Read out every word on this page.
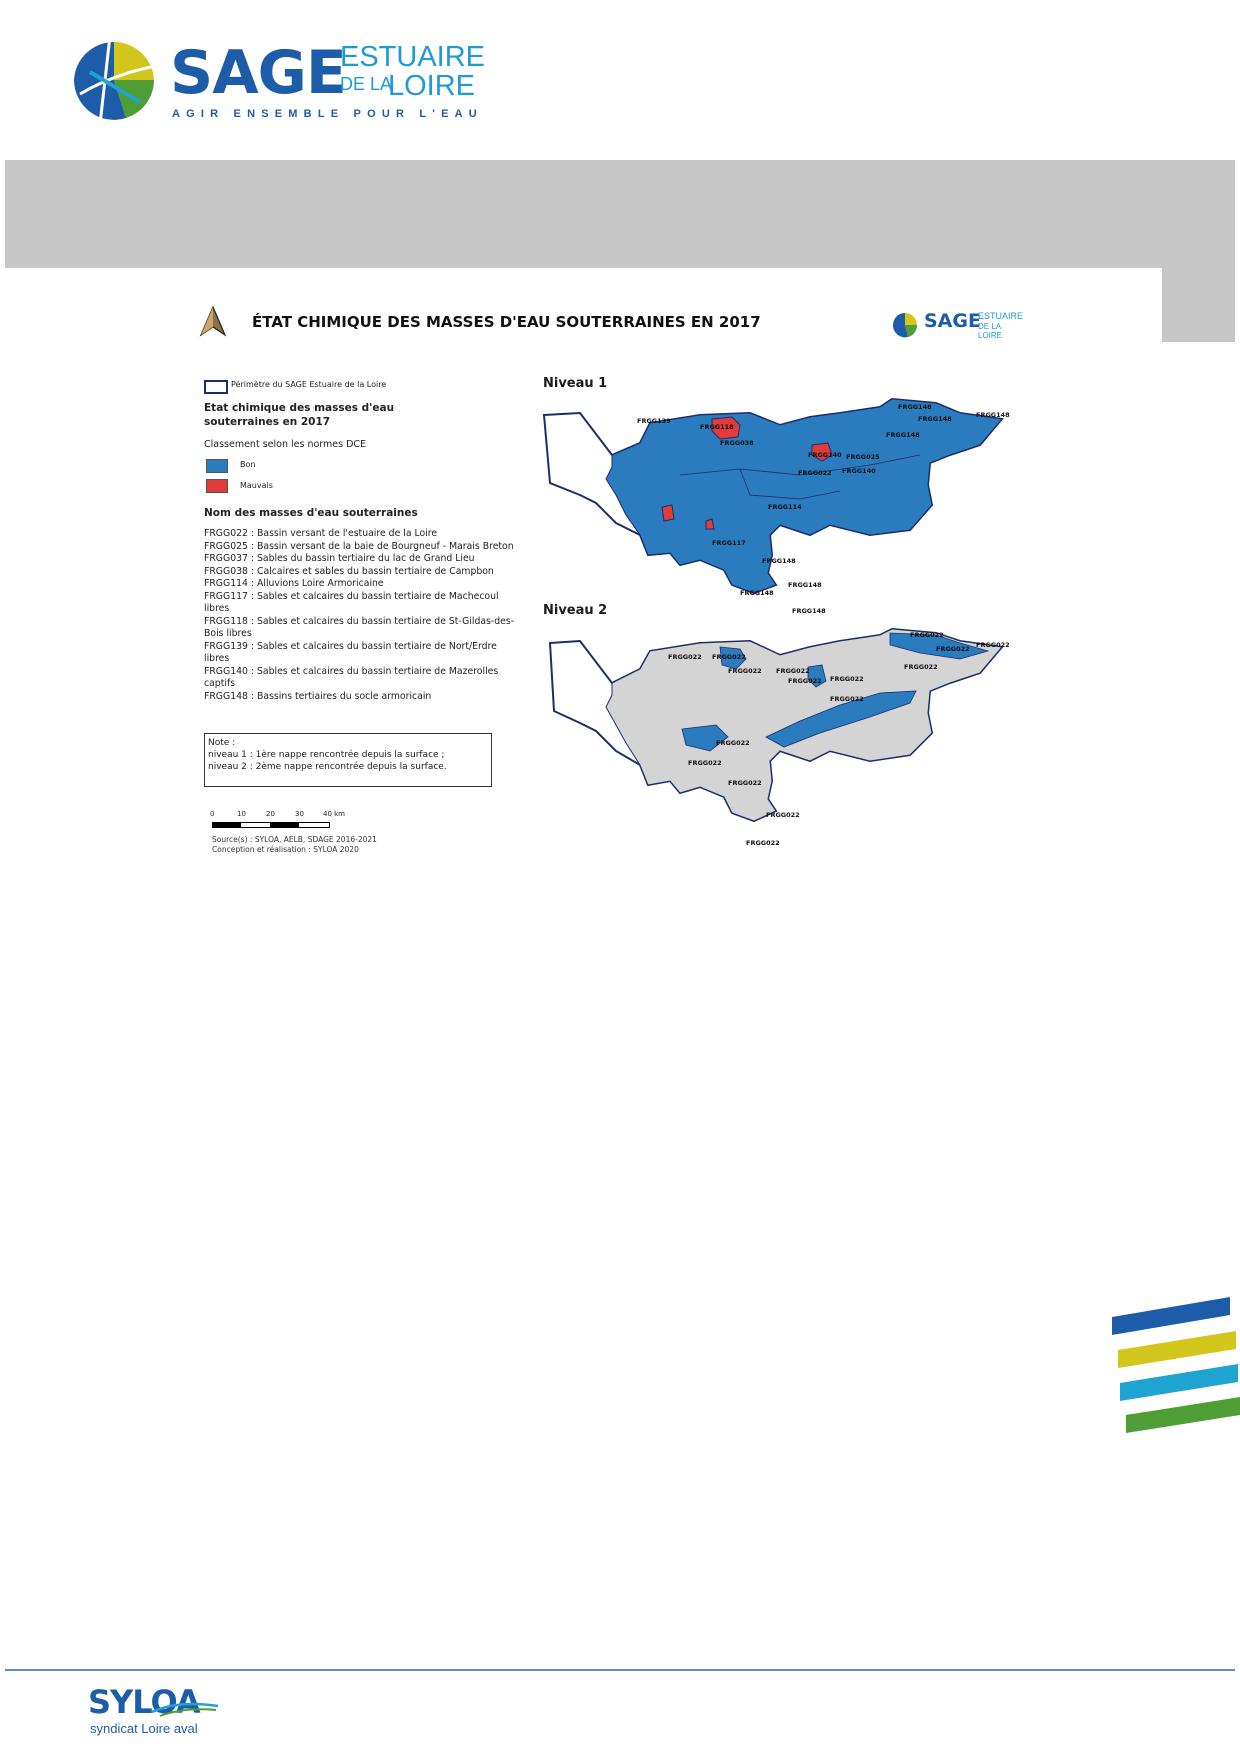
SAGE
ESTUAIRE
DE LA
LOIRE
AGIR ENSEMBLE POUR L'EAU
ÉTAT CHIMIQUE DES MASSES D'EAU SOUTERRAINES EN 2017	SAGE
ESTUAIRE
DE LA LOIRE
Périmètre du SAGE Estuaire de la Loire
Etat chimique des masses d'eau souterraines en 2017
Classement selon les normes DCE
Bon
Mauvais
Nom des masses d'eau souterraines
FRGG022 : Bassin versant de l'estuaire de la Loire
FRGG025 : Bassin versant de la baie de Bourgneuf - Marais Breton
FRGG037 : Sables du bassin tertiaire du lac de Grand Lieu
FRGG038 : Calcaires et sables du bassin tertiaire de Campbon
FRGG114 : Alluvions Loire Armoricaine
FRGG117 : Sables et calcaires du bassin tertiaire de Machecoul
libres
FRGG118 : Sables et calcaires du bassin tertiaire de St-Gildas-des-
Bois libres
FRGG139 : Sables et calcaires du bassin tertiaire de Nort/Erdre
libres
FRGG140 : Sables et calcaires du bassin tertiaire de Mazerolles
captifs
FRGG148 : Bassins tertiaires du socle armoricain
Note :
niveau 1 : 1ère nappe rencontrée depuis la surface ;
niveau 2 : 2ème nappe rencontrée depuis la surface.
0	10	20	30	40 km
Source(s) : SYLOA, AELB, SDAGE 2016-2021
Conception et réalisation : SYLOA 2020
Niveau 1
Niveau 2
FRGG139
FRGG118
FRGG038
FRGG148
FRGG148	FRGG148
FRGG148
FRGG140 FRGG025
FRGG022 FRGG140
FRGG114
FRGG117
FRGG148
FRGG148
FRGG148
FRGG148
FRGG022 FRGG022
FRGG022 FRGG022
FRGG022 FRGG022
FRGG022
FRGG022
FRGG022 FRGG022
FRGG022
FRGG022
FRGG022
FRGG022
FRGG022
FRGG022
SYLOA
syndicat Loire aval
